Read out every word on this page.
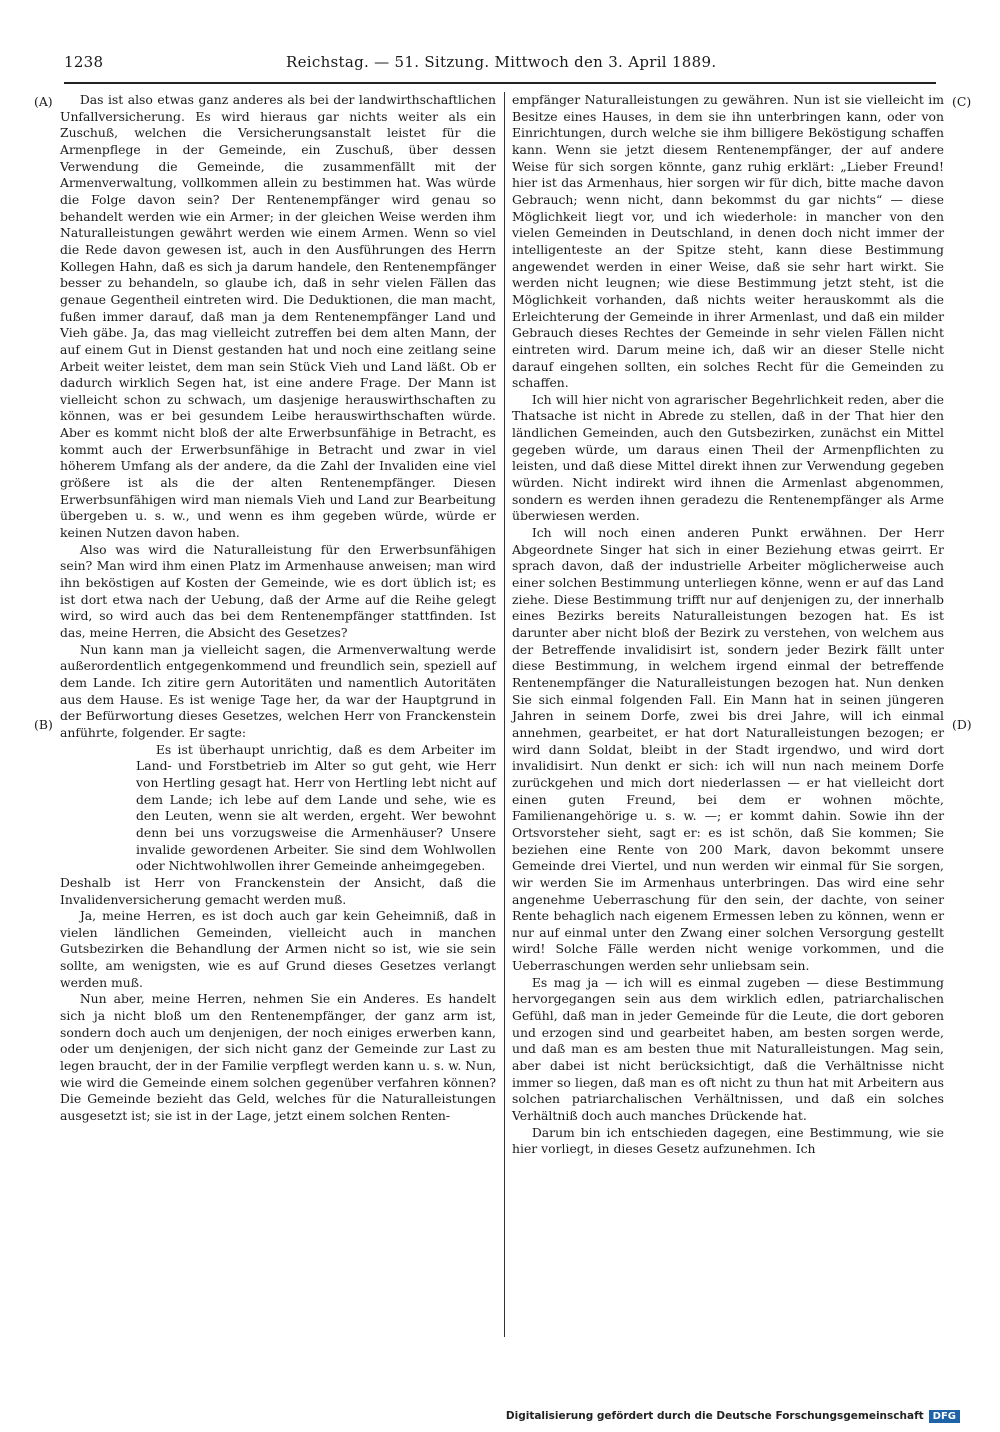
1238	Reichstag. — 51. Sitzung. Mittwoch den 3. April 1889.
(A)
(B)
(C)
(D)

Das ist also etwas ganz anderes als bei der landwirthschaftlichen Unfallversicherung. Es wird hieraus gar nichts weiter als ein Zuschuß, welchen die Versicherungsanstalt leistet für die Armenpflege in der Gemeinde, ein Zuschuß, über dessen Verwendung die Gemeinde, die zusammenfällt mit der Armenverwaltung, vollkommen allein zu bestimmen hat. Was würde die Folge davon sein? Der Rentenempfänger wird genau so behandelt werden wie ein Armer; in der gleichen Weise werden ihm Naturalleistungen gewährt werden wie einem Armen. Wenn so viel die Rede davon gewesen ist, auch in den Ausführungen des Herrn Kollegen Hahn, daß es sich ja darum handele, den Rentenempfänger besser zu behandeln, so glaube ich, daß in sehr vielen Fällen das genaue Gegentheil eintreten wird. Die Deduktionen, die man macht, fußen immer darauf, daß man ja dem Rentenempfänger Land und Vieh gäbe. Ja, das mag vielleicht zutreffen bei dem alten Mann, der auf einem Gut in Dienst gestanden hat und noch eine zeitlang seine Arbeit weiter leistet, dem man sein Stück Vieh und Land läßt. Ob er dadurch wirklich Segen hat, ist eine andere Frage. Der Mann ist vielleicht schon zu schwach, um dasjenige herauswirthschaften zu können, was er bei gesundem Leibe herauswirthschaften würde. Aber es kommt nicht bloß der alte Erwerbsunfähige in Betracht, es kommt auch der Erwerbsunfähige in Betracht und zwar in viel höherem Umfang als der andere, da die Zahl der Invaliden eine viel größere ist als die der alten Rentenempfänger. Diesen Erwerbsunfähigen wird man niemals Vieh und Land zur Bearbeitung übergeben u. s. w., und wenn es ihm gegeben würde, würde er keinen Nutzen davon haben.

Also was wird die Naturalleistung für den Erwerbsunfähigen sein? Man wird ihm einen Platz im Armenhause anweisen; man wird ihn beköstigen auf Kosten der Gemeinde, wie es dort üblich ist; es ist dort etwa nach der Uebung, daß der Arme auf die Reihe gelegt wird, so wird auch das bei dem Rentenempfänger stattfinden. Ist das, meine Herren, die Absicht des Gesetzes?

Nun kann man ja vielleicht sagen, die Armenverwaltung werde außerordentlich entgegenkommend und freundlich sein, speziell auf dem Lande. Ich zitire gern Autoritäten und namentlich Autoritäten aus dem Hause. Es ist wenige Tage her, da war der Hauptgrund in der Befürwortung dieses Gesetzes, welchen Herr von Franckenstein anführte, folgender. Er sagte:

Es ist überhaupt unrichtig, daß es dem Arbeiter im Land- und Forstbetrieb im Alter so gut geht, wie Herr von Hertling gesagt hat. Herr von Hertling lebt nicht auf dem Lande; ich lebe auf dem Lande und sehe, wie es den Leuten, wenn sie alt werden, ergeht. Wer bewohnt denn bei uns vorzugsweise die Armenhäuser? Unsere invalide gewordenen Arbeiter. Sie sind dem Wohlwollen oder Nichtwohlwollen ihrer Gemeinde anheimgegeben.

Deshalb ist Herr von Franckenstein der Ansicht, daß die Invalidenversicherung gemacht werden muß.

Ja, meine Herren, es ist doch auch gar kein Geheimniß, daß in vielen ländlichen Gemeinden, vielleicht auch in manchen Gutsbezirken die Behandlung der Armen nicht so ist, wie sie sein sollte, am wenigsten, wie es auf Grund dieses Gesetzes verlangt werden muß.

Nun aber, meine Herren, nehmen Sie ein Anderes. Es handelt sich ja nicht bloß um den Rentenempfänger, der ganz arm ist, sondern doch auch um denjenigen, der noch einiges erwerben kann, oder um denjenigen, der sich nicht ganz der Gemeinde zur Last zu legen braucht, der in der Familie verpflegt werden kann u. s. w. Nun, wie wird die Gemeinde einem solchen gegenüber verfahren können? Die Gemeinde bezieht das Geld, welches für die Naturalleistungen ausgesetzt ist; sie ist in der Lage, jetzt einem solchen Renten-

empfänger Naturalleistungen zu gewähren. Nun ist sie vielleicht im Besitze eines Hauses, in dem sie ihn unterbringen kann, oder von Einrichtungen, durch welche sie ihm billigere Beköstigung schaffen kann. Wenn sie jetzt diesem Rentenempfänger, der auf andere Weise für sich sorgen könnte, ganz ruhig erklärt: „Lieber Freund! hier ist das Armenhaus, hier sorgen wir für dich, bitte mache davon Gebrauch; wenn nicht, dann bekommst du gar nichts“ — diese Möglichkeit liegt vor, und ich wiederhole: in mancher von den vielen Gemeinden in Deutschland, in denen doch nicht immer der intelligenteste an der Spitze steht, kann diese Bestimmung angewendet werden in einer Weise, daß sie sehr hart wirkt. Sie werden nicht leugnen; wie diese Bestimmung jetzt steht, ist die Möglichkeit vorhanden, daß nichts weiter herauskommt als die Erleichterung der Gemeinde in ihrer Armenlast, und daß ein milder Gebrauch dieses Rechtes der Gemeinde in sehr vielen Fällen nicht eintreten wird. Darum meine ich, daß wir an dieser Stelle nicht darauf eingehen sollten, ein solches Recht für die Gemeinden zu schaffen.

Ich will hier nicht von agrarischer Begehrlichkeit reden, aber die Thatsache ist nicht in Abrede zu stellen, daß in der That hier den ländlichen Gemeinden, auch den Gutsbezirken, zunächst ein Mittel gegeben würde, um daraus einen Theil der Armenpflichten zu leisten, und daß diese Mittel direkt ihnen zur Verwendung gegeben würden. Nicht indirekt wird ihnen die Armenlast abgenommen, sondern es werden ihnen geradezu die Rentenempfänger als Arme überwiesen werden.

Ich will noch einen anderen Punkt erwähnen. Der Herr Abgeordnete Singer hat sich in einer Beziehung etwas geirrt. Er sprach davon, daß der industrielle Arbeiter möglicherweise auch einer solchen Bestimmung unterliegen könne, wenn er auf das Land ziehe. Diese Bestimmung trifft nur auf denjenigen zu, der innerhalb eines Bezirks bereits Naturalleistungen bezogen hat. Es ist darunter aber nicht bloß der Bezirk zu verstehen, von welchem aus der Betreffende invalidisirt ist, sondern jeder Bezirk fällt unter diese Bestimmung, in welchem irgend einmal der betreffende Rentenempfänger die Naturalleistungen bezogen hat. Nun denken Sie sich einmal folgenden Fall. Ein Mann hat in seinen jüngeren Jahren in seinem Dorfe, zwei bis drei Jahre, will ich einmal annehmen, gearbeitet, er hat dort Naturalleistungen bezogen; er wird dann Soldat, bleibt in der Stadt irgendwo, und wird dort invalidisirt. Nun denkt er sich: ich will nun nach meinem Dorfe zurückgehen und mich dort niederlassen — er hat vielleicht dort einen guten Freund, bei dem er wohnen möchte, Familienangehörige u. s. w. —; er kommt dahin. Sowie ihn der Ortsvorsteher sieht, sagt er: es ist schön, daß Sie kommen; Sie beziehen eine Rente von 200 Mark, davon bekommt unsere Gemeinde drei Viertel, und nun werden wir einmal für Sie sorgen, wir werden Sie im Armenhaus unterbringen. Das wird eine sehr angenehme Ueberraschung für den sein, der dachte, von seiner Rente behaglich nach eigenem Ermessen leben zu können, wenn er nur auf einmal unter den Zwang einer solchen Versorgung gestellt wird! Solche Fälle werden nicht wenige vorkommen, und die Ueberraschungen werden sehr unliebsam sein.

Es mag ja — ich will es einmal zugeben — diese Bestimmung hervorgegangen sein aus dem wirklich edlen, patriarchalischen Gefühl, daß man in jeder Gemeinde für die Leute, die dort geboren und erzogen sind und gearbeitet haben, am besten sorgen werde, und daß man es am besten thue mit Naturalleistungen. Mag sein, aber dabei ist nicht berücksichtigt, daß die Verhältnisse nicht immer so liegen, daß man es oft nicht zu thun hat mit Arbeitern aus solchen patriarchalischen Verhältnissen, und daß ein solches Verhältniß doch auch manches Drückende hat.

Darum bin ich entschieden dagegen, eine Bestimmung, wie sie hier vorliegt, in dieses Gesetz aufzunehmen. Ich

Digitalisierung gefördert durch die Deutsche Forschungsgemeinschaft DFG
